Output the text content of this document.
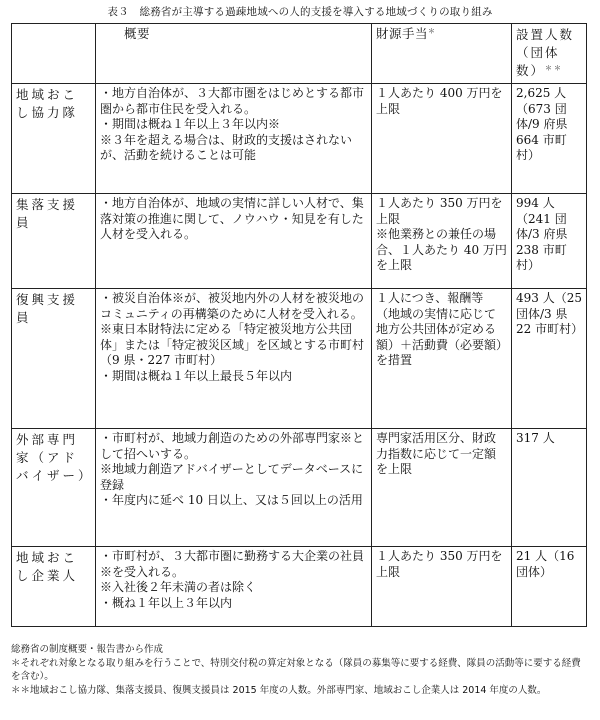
表３　総務省が主導する過疎地域への人的支援を導入する地域づくりの取り組み
	概要	財源手当＊	設置人数（団体数）＊＊
地域おこし協力隊	・地方自治体が、３大都市圏をはじめとする都市圏から都市住民を受入れる。
・期間は概ね１年以上３年以内※
※３年を超える場合は、財政的支援はされないが、活動を続けることは可能	１人あたり 400 万円を上限	2,625 人（673 団体/9 府県 664 市町村）
集落支援員	・地方自治体が、地域の実情に詳しい人材で、集落対策の推進に関して、ノウハウ・知見を有した人材を受入れる。	１人あたり 350 万円を上限
※他業務との兼任の場合、１人あたり 40 万円を上限	994 人（241 団体/3 府県 238 市町村）
復興支援員	・被災自治体※が、被災地内外の人材を被災地のコミュニティの再構築のために人材を受入れる。
※東日本財特法に定める「特定被災地方公共団体」または「特定被災区域」を区域とする市町村（9 県・227 市町村）
・期間は概ね１年以上最長５年以内	１人につき、報酬等（地域の実情に応じて地方公共団体が定める額）＋活動費（必要額）を措置	493 人（25 団体/3 県 22 市町村）
外部専門家（アドバイザー）	・市町村が、地域力創造のための外部専門家※として招へいする。
※地域力創造アドバイザーとしてデータベースに登録
・年度内に延べ 10 日以上、又は５回以上の活用	専門家活用区分、財政力指数に応じて一定額を上限	317 人
地域おこし企業人	・市町村が、３大都市圏に勤務する大企業の社員※を受入れる。
※入社後２年未満の者は除く
・概ね１年以上３年以内	１人あたり 350 万円を上限	21 人（16 団体）
総務省の制度概要・報告書から作成
＊それぞれ対象となる取り組みを行うことで、特別交付税の算定対象となる（隊員の募集等に要する経費、隊員の活動等に要する経費を含む）。
＊＊地域おこし協力隊、集落支援員、復興支援員は 2015 年度の人数。外部専門家、地域おこし企業人は 2014 年度の人数。
